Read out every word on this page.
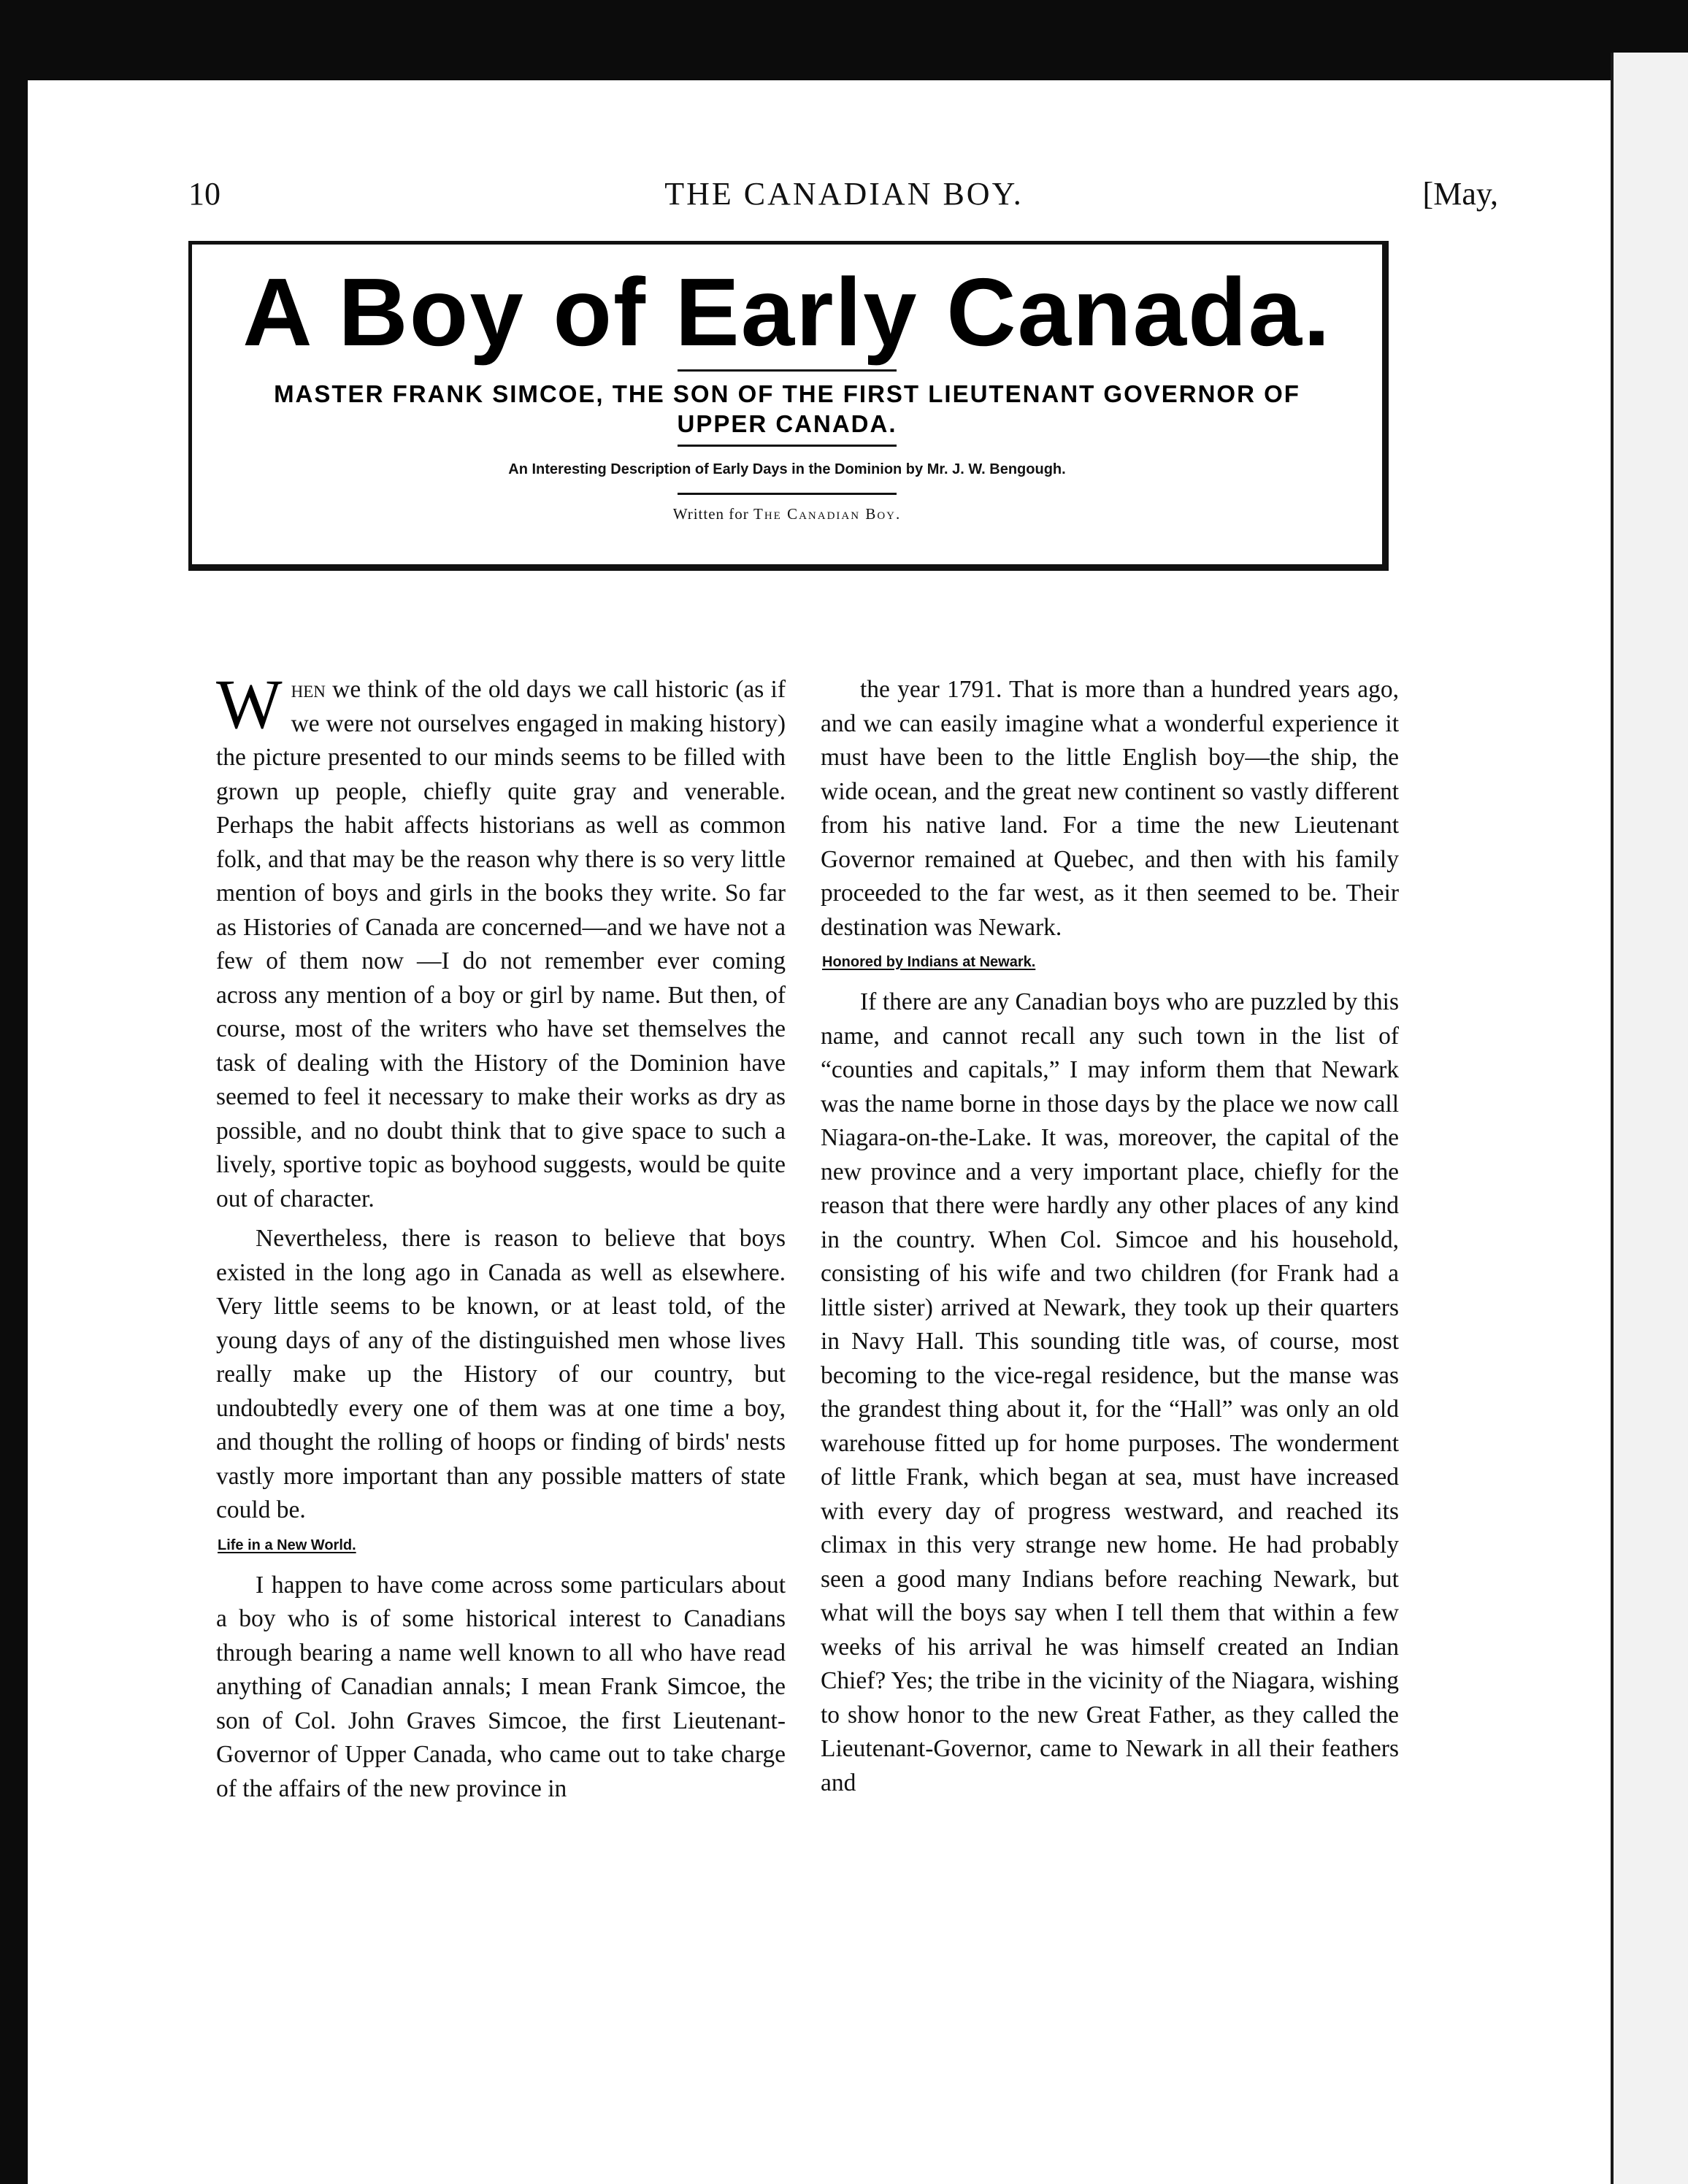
10	THE CANADIAN BOY.	[May,
A Boy of Early Canada.
MASTER FRANK SIMCOE, THE SON OF THE FIRST LIEUTENANT GOVERNOR OF UPPER CANADA.
An Interesting Description of Early Days in the Dominion by Mr. J. W. Bengough.
Written for The Canadian Boy.

When we think of the old days we call historic (as if we were not ourselves engaged in making history) the picture presented to our minds seems to be filled with grown up people, chiefly quite gray and venerable. Perhaps the habit affects historians as well as common folk, and that may be the reason why there is so very little mention of boys and girls in the books they write. So far as Histories of Canada are concerned—and we have not a few of them now —I do not remember ever coming across any mention of a boy or girl by name. But then, of course, most of the writers who have set themselves the task of dealing with the History of the Dominion have seemed to feel it necessary to make their works as dry as possible, and no doubt think that to give space to such a lively, sportive topic as boyhood suggests, would be quite out of character.

Nevertheless, there is reason to believe that boys existed in the long ago in Canada as well as elsewhere. Very little seems to be known, or at least told, of the young days of any of the distinguished men whose lives really make up the History of our country, but undoubtedly every one of them was at one time a boy, and thought the rolling of hoops or finding of birds' nests vastly more important than any possible matters of state could be.

Life in a New World.

I happen to have come across some particulars about a boy who is of some historical interest to Canadians through bearing a name well known to all who have read anything of Canadian annals; I mean Frank Simcoe, the son of Col. John Graves Simcoe, the first Lieutenant-Governor of Upper Canada, who came out to take charge of the affairs of the new province in

the year 1791. That is more than a hundred years ago, and we can easily imagine what a wonderful experience it must have been to the little English boy—the ship, the wide ocean, and the great new continent so vastly different from his native land. For a time the new Lieutenant Governor remained at Quebec, and then with his family proceeded to the far west, as it then seemed to be. Their destination was Newark.

Honored by Indians at Newark.

If there are any Canadian boys who are puzzled by this name, and cannot recall any such town in the list of “counties and capitals,” I may inform them that Newark was the name borne in those days by the place we now call Niagara-on-the-Lake. It was, moreover, the capital of the new province and a very important place, chiefly for the reason that there were hardly any other places of any kind in the country. When Col. Simcoe and his household, consisting of his wife and two children (for Frank had a little sister) arrived at Newark, they took up their quarters in Navy Hall. This sounding title was, of course, most becoming to the vice-regal residence, but the manse was the grandest thing about it, for the “Hall” was only an old warehouse fitted up for home purposes. The wonderment of little Frank, which began at sea, must have increased with every day of progress westward, and reached its climax in this very strange new home. He had probably seen a good many Indians before reaching Newark, but what will the boys say when I tell them that within a few weeks of his arrival he was himself created an Indian Chief? Yes; the tribe in the vicinity of the Niagara, wishing to show honor to the new Great Father, as they called the Lieutenant-Governor, came to Newark in all their feathers and
